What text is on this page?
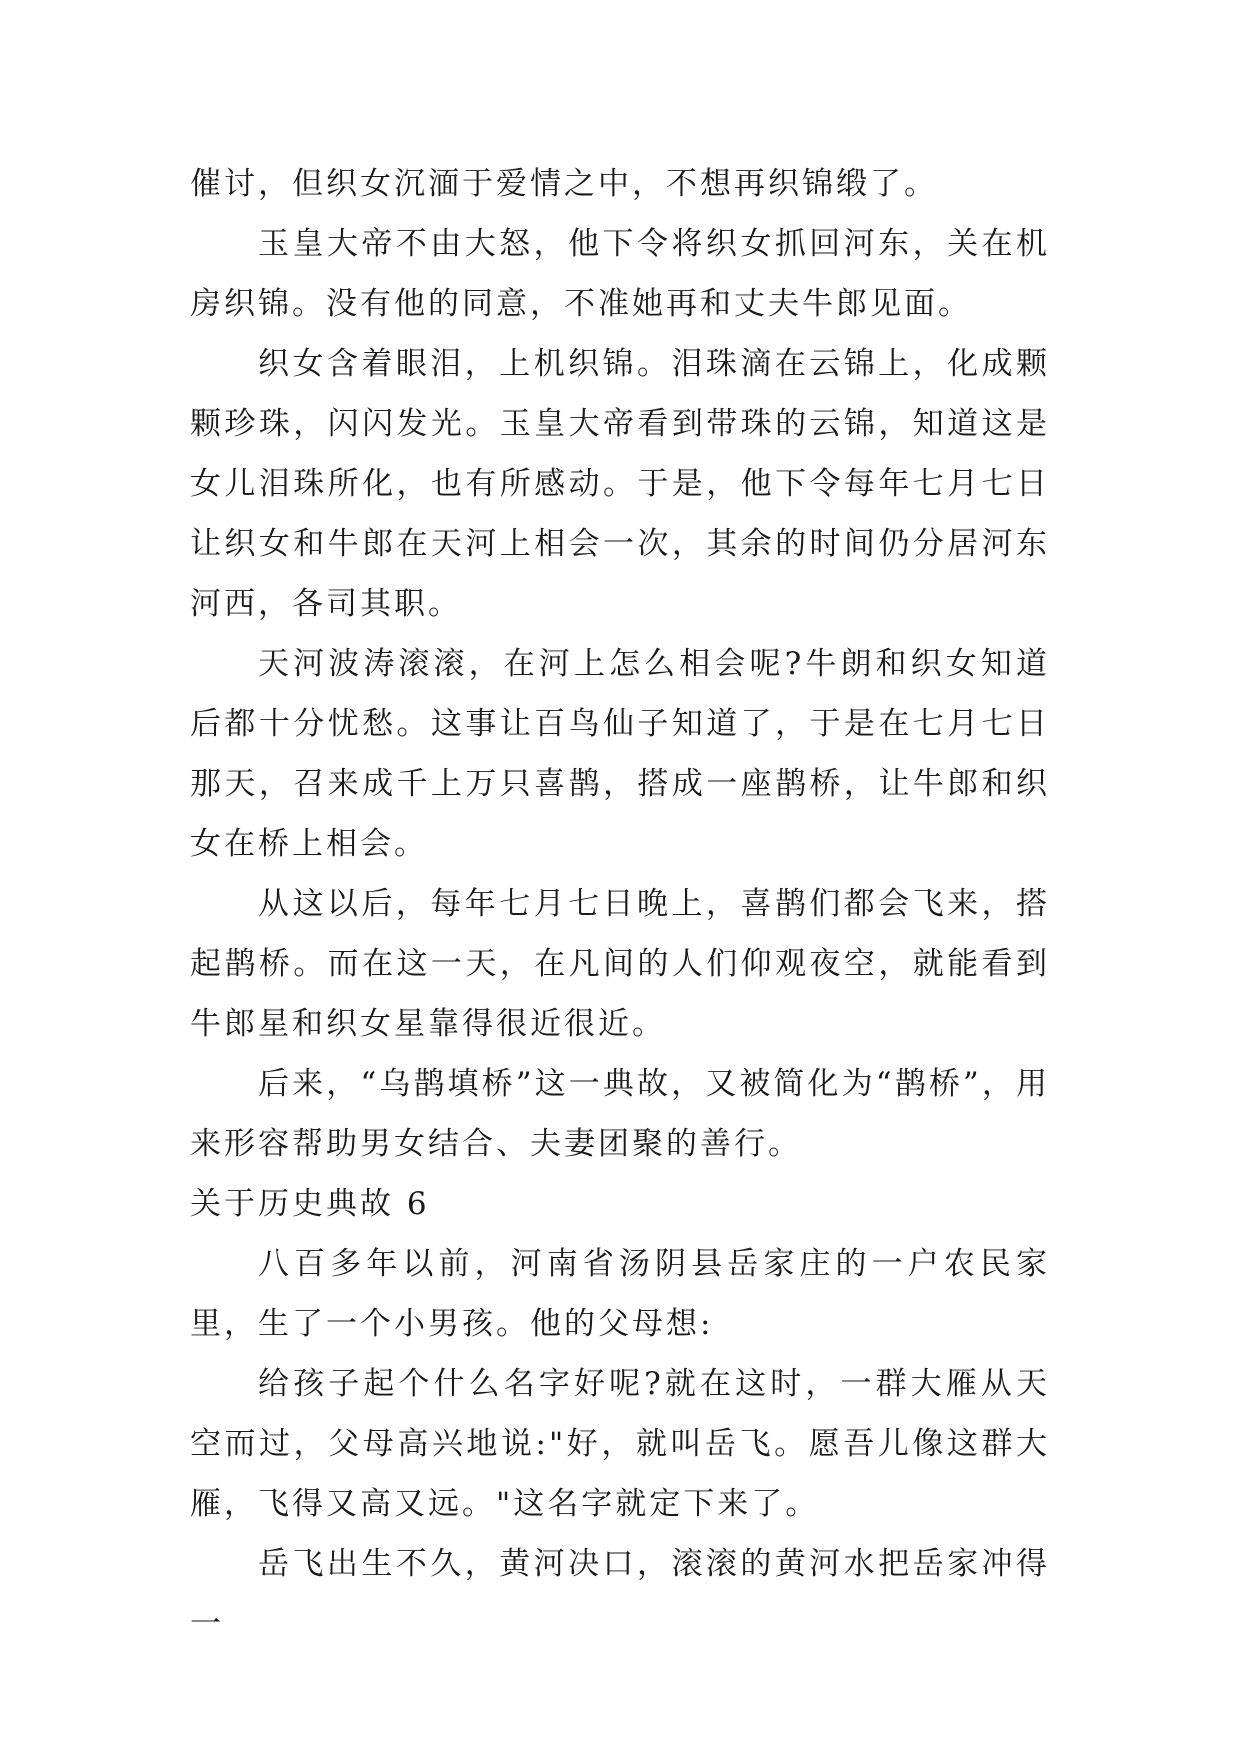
催讨，但织女沉湎于爱情之中，不想再织锦缎了。

玉皇大帝不由大怒，他下令将织女抓回河东，关在机房织锦。没有他的同意，不准她再和丈夫牛郎见面。

织女含着眼泪，上机织锦。泪珠滴在云锦上，化成颗颗珍珠，闪闪发光。玉皇大帝看到带珠的云锦，知道这是女儿泪珠所化，也有所感动。于是，他下令每年七月七日让织女和牛郎在天河上相会一次，其余的时间仍分居河东河西，各司其职。

天河波涛滚滚，在河上怎么相会呢?牛朗和织女知道后都十分忧愁。这事让百鸟仙子知道了，于是在七月七日那天，召来成千上万只喜鹊，搭成一座鹊桥，让牛郎和织女在桥上相会。

从这以后，每年七月七日晚上，喜鹊们都会飞来，搭起鹊桥。而在这一天，在凡间的人们仰观夜空，就能看到牛郎星和织女星靠得很近很近。

后来，“乌鹊填桥”这一典故，又被简化为“鹊桥”，用来形容帮助男女结合、夫妻团聚的善行。

关于历史典故 6

八百多年以前，河南省汤阴县岳家庄的一户农民家里，生了一个小男孩。他的父母想:

给孩子起个什么名字好呢?就在这时，一群大雁从天空而过，父母高兴地说:"好，就叫岳飞。愿吾儿像这群大雁，飞得又高又远。"这名字就定下来了。

岳飞出生不久，黄河决口，滚滚的黄河水把岳家冲得一
